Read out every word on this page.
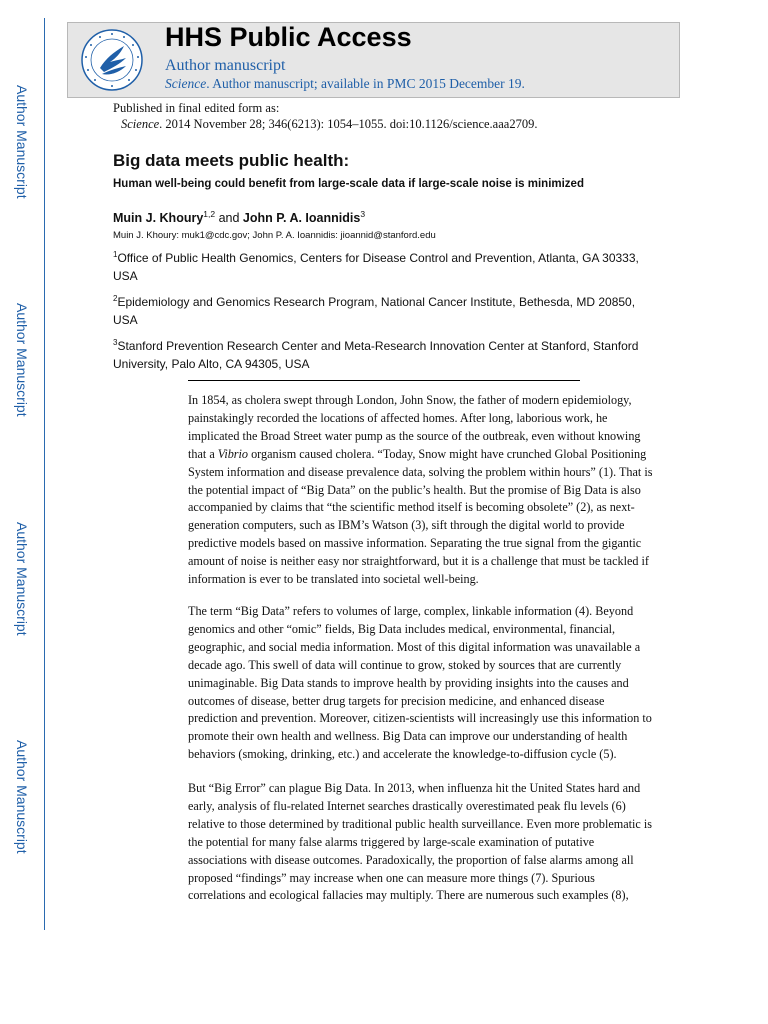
Author Manuscript
Author Manuscript
Author Manuscript
Author Manuscript
HHS Public Access
Author manuscript
Science. Author manuscript; available in PMC 2015 December 19.
Published in final edited form as:
Science. 2014 November 28; 346(6213): 1054–1055. doi:10.1126/science.aaa2709.
Big data meets public health:
Human well-being could benefit from large-scale data if large-scale noise is minimized
Muin J. Khoury$^{1,2}$ and John P. A. Ioannidis$^3$
Muin J. Khoury: muk1@cdc.gov; John P. A. Ioannidis: jioannid@stanford.edu
$^1$Office of Public Health Genomics, Centers for Disease Control and Prevention, Atlanta, GA 30333, USA
$^2$Epidemiology and Genomics Research Program, National Cancer Institute, Bethesda, MD 20850, USA
$^3$Stanford Prevention Research Center and Meta-Research Innovation Center at Stanford, Stanford University, Palo Alto, CA 94305, USA

In 1854, as cholera swept through London, John Snow, the father of modern epidemiology, painstakingly recorded the locations of affected homes. After long, laborious work, he implicated the Broad Street water pump as the source of the outbreak, even without knowing that a Vibrio organism caused cholera. “Today, Snow might have crunched Global Positioning System information and disease prevalence data, solving the problem within hours” (1). That is the potential impact of “Big Data” on the public’s health. But the promise of Big Data is also accompanied by claims that “the scientific method itself is becoming obsolete” (2), as next-generation computers, such as IBM’s Watson (3), sift through the digital world to provide predictive models based on massive information. Separating the true signal from the gigantic amount of noise is neither easy nor straightforward, but it is a challenge that must be tackled if information is ever to be translated into societal well-being.

The term “Big Data” refers to volumes of large, complex, linkable information (4). Beyond genomics and other “omic” fields, Big Data includes medical, environmental, financial, geographic, and social media information. Most of this digital information was unavailable a decade ago. This swell of data will continue to grow, stoked by sources that are currently unimaginable. Big Data stands to improve health by providing insights into the causes and outcomes of disease, better drug targets for precision medicine, and enhanced disease prediction and prevention. Moreover, citizen-scientists will increasingly use this information to promote their own health and wellness. Big Data can improve our understanding of health behaviors (smoking, drinking, etc.) and accelerate the knowledge-to-diffusion cycle (5).

But “Big Error” can plague Big Data. In 2013, when influenza hit the United States hard and early, analysis of flu-related Internet searches drastically overestimated peak flu levels (6) relative to those determined by traditional public health surveillance. Even more problematic is the potential for many false alarms triggered by large-scale examination of putative associations with disease outcomes. Paradoxically, the proportion of false alarms among all proposed “findings” may increase when one can measure more things (7). Spurious correlations and ecological fallacies may multiply. There are numerous such examples (8),
